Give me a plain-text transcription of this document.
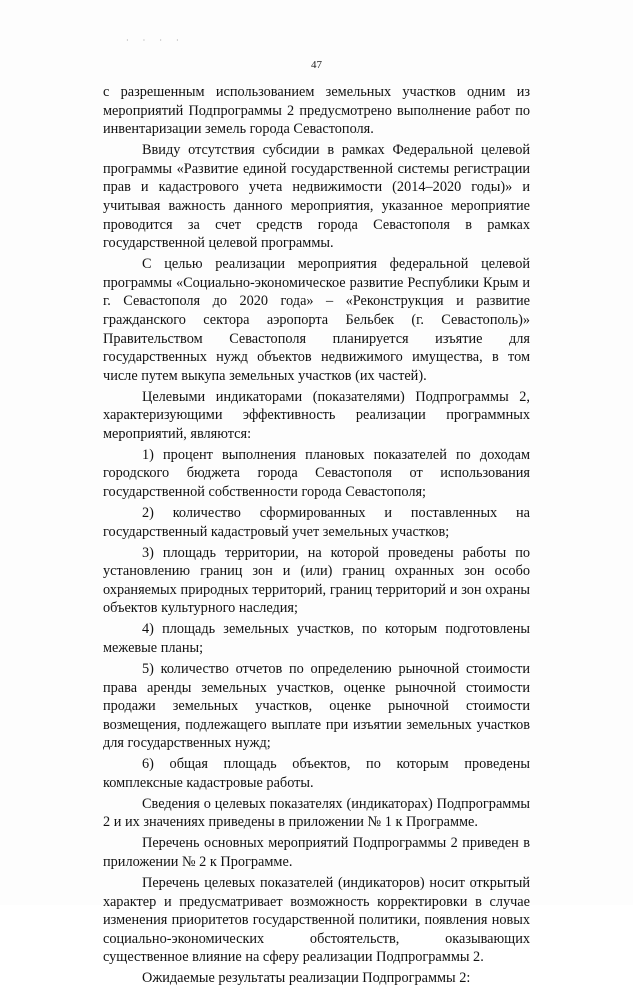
· · · ·
47

с разрешенным использованием земельных участков одним из мероприятий Подпрограммы 2 предусмотрено выполнение работ по инвентаризации земель города Севастополя.

Ввиду отсутствия субсидии в рамках Федеральной целевой программы «Развитие единой государственной системы регистрации прав и кадастрового учета недвижимости (2014–2020 годы)» и учитывая важность данного мероприятия, указанное мероприятие проводится за счет средств города Севастополя в рамках государственной целевой программы.

С целью реализации мероприятия федеральной целевой программы «Социально-экономическое развитие Республики Крым и г. Севастополя до 2020 года» – «Реконструкция и развитие гражданского сектора аэропорта Бельбек (г. Севастополь)» Правительством Севастополя планируется изъятие для государственных нужд объектов недвижимого имущества, в том числе путем выкупа земельных участков (их частей).

Целевыми индикаторами (показателями) Подпрограммы 2, характеризующими эффективность реализации программных мероприятий, являются:

1) процент выполнения плановых показателей по доходам городского бюджета города Севастополя от использования государственной собственности города Севастополя;

2) количество сформированных и поставленных на государственный кадастровый учет земельных участков;

3) площадь территории, на которой проведены работы по установлению границ зон и (или) границ охранных зон особо охраняемых природных территорий, границ территорий и зон охраны объектов культурного наследия;

4) площадь земельных участков, по которым подготовлены межевые планы;

5) количество отчетов по определению рыночной стоимости права аренды земельных участков, оценке рыночной стоимости продажи земельных участков, оценке рыночной стоимости возмещения, подлежащего выплате при изъятии земельных участков для государственных нужд;

6) общая площадь объектов, по которым проведены комплексные кадастровые работы.

Сведения о целевых показателях (индикаторах) Подпрограммы 2 и их значениях приведены в приложении № 1 к Программе.

Перечень основных мероприятий Подпрограммы 2 приведен в приложении № 2 к Программе.

Перечень целевых показателей (индикаторов) носит открытый характер и предусматривает возможность корректировки в случае изменения приоритетов государственной политики, появления новых социально-экономических обстоятельств, оказывающих существенное влияние на сферу реализации Подпрограммы 2.

Ожидаемые результаты реализации Подпрограммы 2:
